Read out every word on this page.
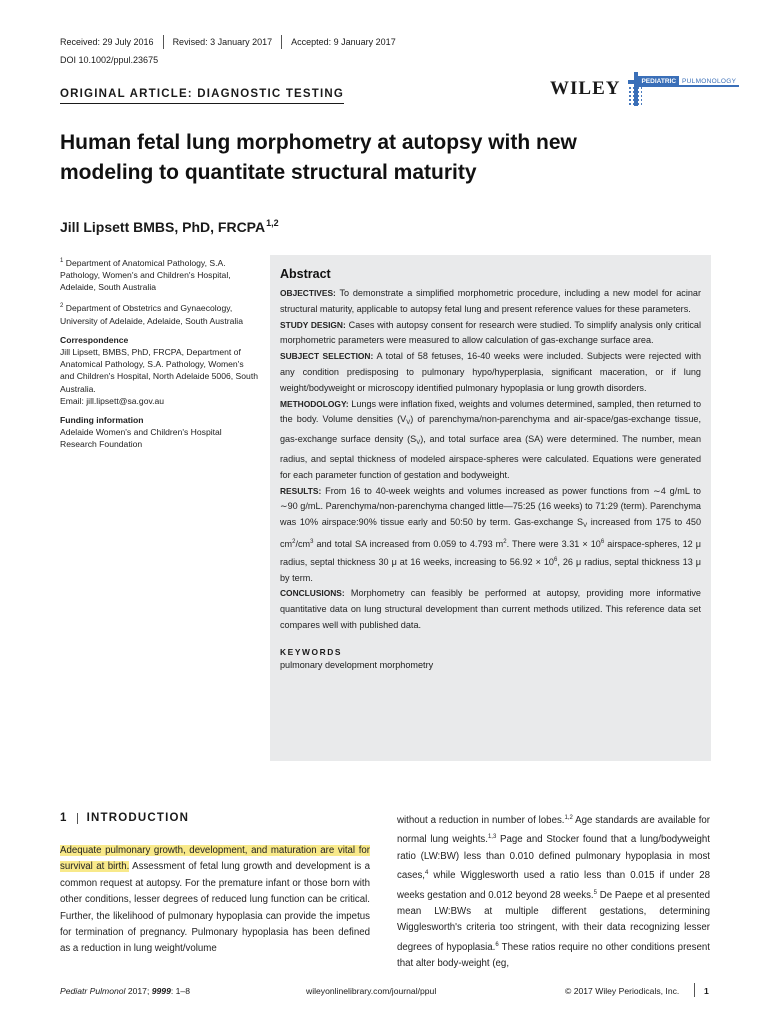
Received: 29 July 2016	Revised: 3 January 2017	Accepted: 9 January 2017
DOI 10.1002/ppul.23675
ORIGINAL ARTICLE: DIAGNOSTIC TESTING	WILEY	PEDIATRIC PULMONOLOGY
Human fetal lung morphometry at autopsy with new modeling to quantitate structural maturity
Jill Lipsett BMBS, PhD, FRCPA$^{1,2}$

$^1$ Department of Anatomical Pathology, S.A. Pathology, Women's and Children's Hospital, Adelaide, South Australia

$^2$ Department of Obstetrics and Gynaecology, University of Adelaide, Adelaide, South Australia

Correspondence
Jill Lipsett, BMBS, PhD, FRCPA, Department of Anatomical Pathology, S.A. Pathology, Women's and Children's Hospital, North Adelaide 5006, South Australia.
Email: jill.lipsett@sa.gov.au

Funding information
Adelaide Women's and Children's Hospital Research Foundation

Abstract

OBJECTIVES: To demonstrate a simplified morphometric procedure, including a new model for acinar structural maturity, applicable to autopsy fetal lung and present reference values for these parameters.

STUDY DESIGN: Cases with autopsy consent for research were studied. To simplify analysis only critical morphometric parameters were measured to allow calculation of gas-exchange surface area.

SUBJECT SELECTION: A total of 58 fetuses, 16-40 weeks were included. Subjects were rejected with any condition predisposing to pulmonary hypo/hyperplasia, significant maceration, or if lung weight/bodyweight or microscopy identified pulmonary hypoplasia or lung growth disorders.

METHODOLOGY: Lungs were inflation fixed, weights and volumes determined, sampled, then returned to the body. Volume densities $(V_V)$ of parenchyma/non-parenchyma and air-space/gas-exchange tissue, gas-exchange surface density $(S_V)$, and total surface area (SA) were determined. The number, mean radius, and septal thickness of modeled airspace-spheres were calculated. Equations were generated for each parameter function of gestation and bodyweight.

RESULTS: From 16 to 40-week weights and volumes increased as power functions from ∼4 g/mL to ∼90 g/mL. Parenchyma/non-parenchyma changed little—75:25 (16 weeks) to 71:29 (term). Parenchyma was 10% airspace:90% tissue early and 50:50 by term. Gas-exchange $S_V$ increased from 175 to 450 $cm^2/cm^3$ and total SA increased from 0.059 to 4.793 $m^2$. There were $3.31 \times 10^6$ airspace-spheres, 12 μ radius, septal thickness 30 μ at 16 weeks, increasing to $56.92 \times 10^6$, 26 μ radius, septal thickness 13 μ by term.

CONCLUSIONS: Morphometry can feasibly be performed at autopsy, providing more informative quantitative data on lung structural development than current methods utilized. This reference data set compares well with published data.

KEYWORDS
pulmonary development morphometry
1 INTRODUCTION
Adequate pulmonary growth, development, and maturation are vital for survival at birth. Assessment of fetal lung growth and development is a common request at autopsy. For the premature infant or those born with other conditions, lesser degrees of reduced lung function can be critical. Further, the likelihood of pulmonary hypoplasia can provide the impetus for termination of pregnancy. Pulmonary hypoplasia has been defined as a reduction in lung weight/volume
without a reduction in number of lobes.$^{1,2}$ Age standards are available for normal lung weights.$^{1,3}$ Page and Stocker found that a lung/bodyweight ratio (LW:BW) less than 0.010 defined pulmonary hypoplasia in most cases,$^4$ while Wigglesworth used a ratio less than 0.015 if under 28 weeks gestation and 0.012 beyond 28 weeks.$^5$ De Paepe et al presented mean LW:BWs at multiple different gestations, determining Wigglesworth's criteria too stringent, with their data recognizing lesser degrees of hypoplasia.$^6$ These ratios require no other conditions present that alter body-weight (eg,
Pediatr Pulmonol 2017; 9999: 1–8	wileyonlinelibrary.com/journal/ppul	© 2017 Wiley Periodicals, Inc.	1
